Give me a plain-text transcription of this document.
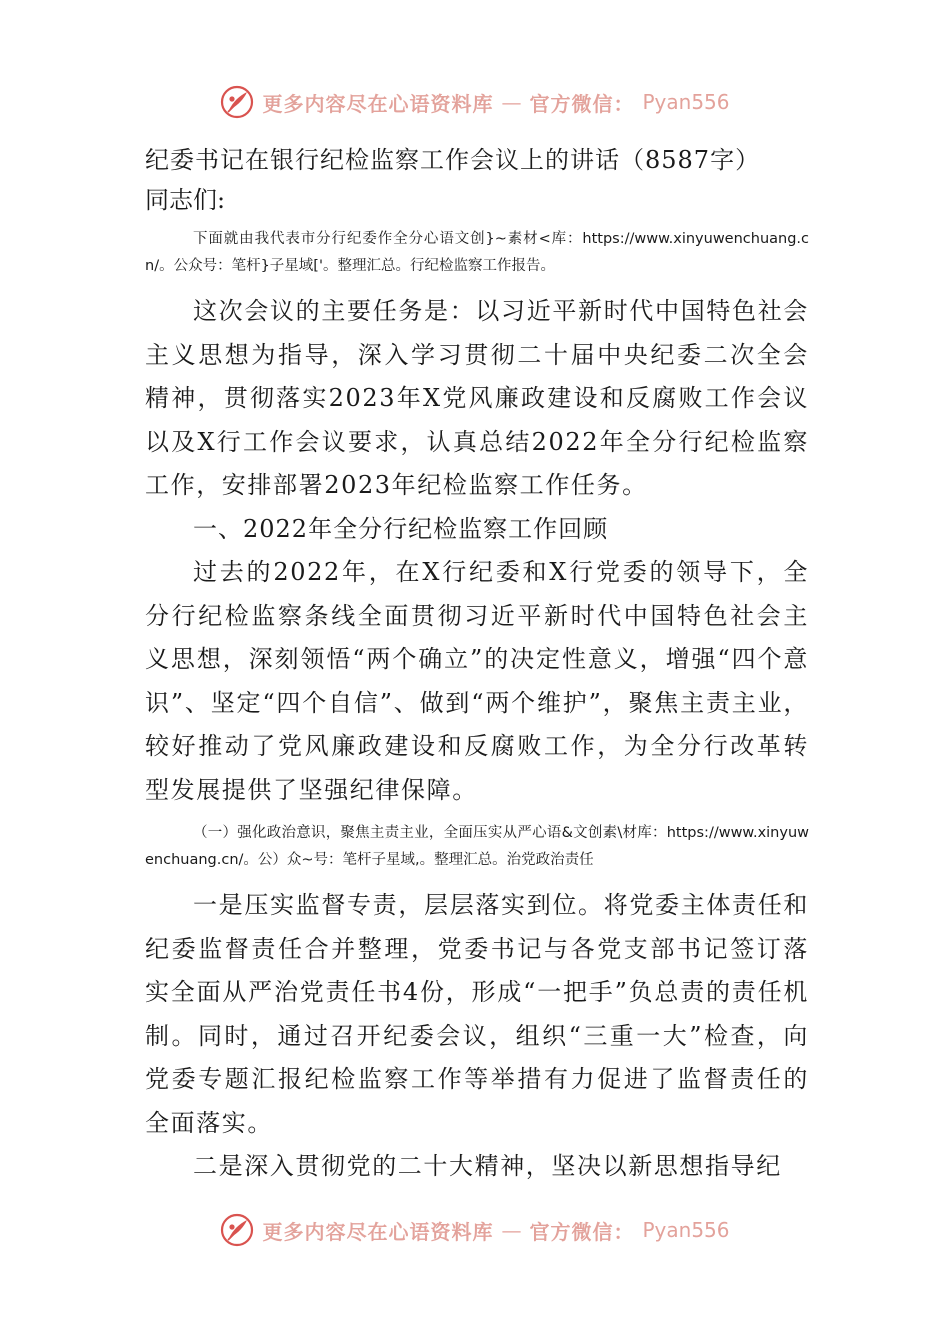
更多内容尽在心语资料库 — 官方微信： Pyan556

纪委书记在银行纪检监察工作会议上的讲话（8587字）

同志们:

下面就由我代表市分行纪委作全分心语文创}~素材<库：https://www.xinyuwenchuang.cn/。公众号：笔杆}子星域['。整理汇总。行纪检监察工作报告。

这次会议的主要任务是：以习近平新时代中国特色社会主义思想为指导，深入学习贯彻二十届中央纪委二次全会精神，贯彻落实2023年X党风廉政建设和反腐败工作会议以及X行工作会议要求，认真总结2022年全分行纪检监察工作，安排部署2023年纪检监察工作任务。

一、2022年全分行纪检监察工作回顾

过去的2022年，在X行纪委和X行党委的领导下，全分行纪检监察条线全面贯彻习近平新时代中国特色社会主义思想，深刻领悟“两个确立”的决定性意义，增强“四个意识”、坚定“四个自信”、做到“两个维护”，聚焦主责主业，较好推动了党风廉政建设和反腐败工作，为全分行改革转型发展提供了坚强纪律保障。

（一）强化政治意识，聚焦主责主业，全面压实从严心语&文创素\材库：https://www.xinyuwenchuang.cn/。公）众~号：笔杆子星域,。整理汇总。治党政治责任

一是压实监督专责，层层落实到位。将党委主体责任和纪委监督责任合并整理，党委书记与各党支部书记签订落实全面从严治党责任书4份，形成“一把手”负总责的责任机制。同时，通过召开纪委会议，组织“三重一大”检查，向党委专题汇报纪检监察工作等举措有力促进了监督责任的全面落实。

二是深入贯彻党的二十大精神，坚决以新思想指导纪

更多内容尽在心语资料库 — 官方微信： Pyan556
